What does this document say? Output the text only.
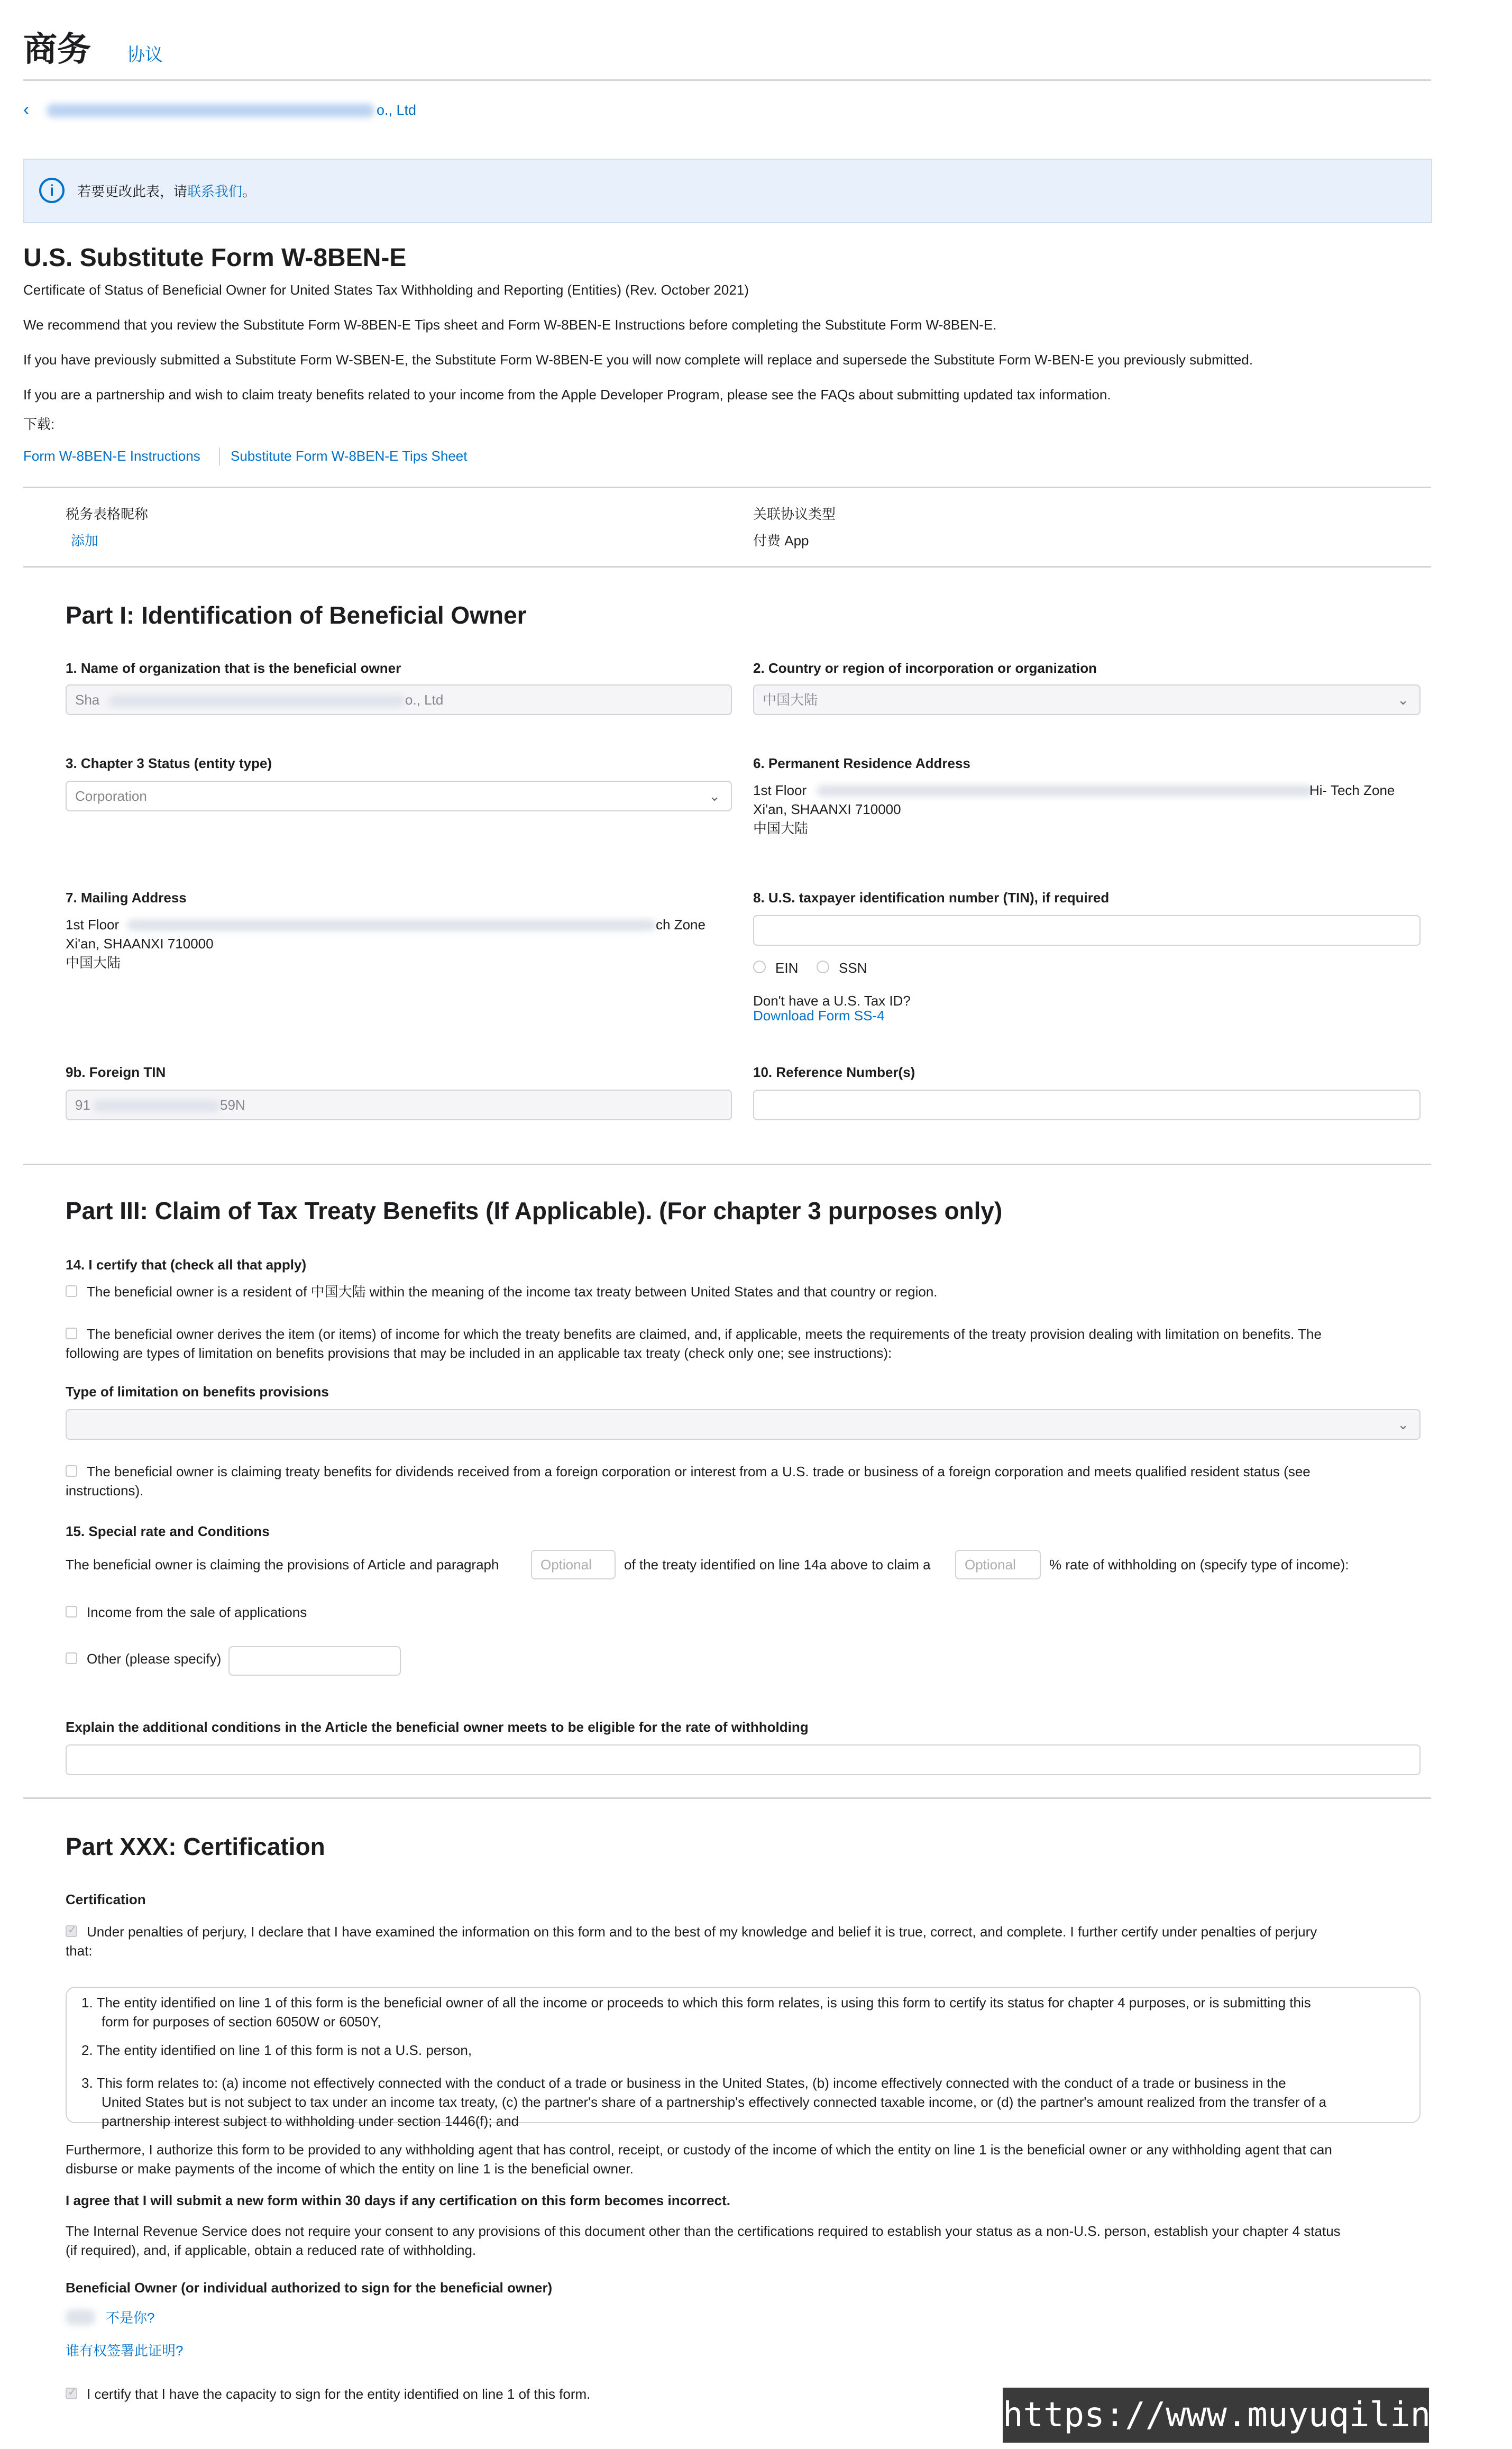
商务 协议
‹	o., Ltd
i	若要更改此表，请联系我们。
U.S. Substitute Form W-8BEN-E
Certificate of Status of Beneficial Owner for United States Tax Withholding and Reporting (Entities) (Rev. October 2021)
We recommend that you review the Substitute Form W-8BEN-E Tips sheet and Form W-8BEN-E Instructions before completing the Substitute Form W-8BEN-E.
If you have previously submitted a Substitute Form W-SBEN-E, the Substitute Form W-8BEN-E you will now complete will replace and supersede the Substitute Form W-BEN-E you previously submitted.
If you are a partnership and wish to claim treaty benefits related to your income from the Apple Developer Program, please see the FAQs about submitting updated tax information.
下载:
Form W-8BEN-E Instructions Substitute Form W-8BEN-E Tips Sheet
税务表格昵称
添加
关联协议类型
付费 App
Part I: Identification of Beneficial Owner
1. Name of organization that is the beneficial owner
Sha	o., Ltd
2. Country or region of incorporation or organization
中国大陆	⌄
3. Chapter 3 Status (entity type)
Corporation	⌄
6. Permanent Residence Address
1st Floor	Hi- Tech Zone
Xi'an, SHAANXI 710000
中国大陆
7. Mailing Address
1st Floor	ch Zone
Xi'an, SHAANXI 710000
中国大陆
8. U.S. taxpayer identification number (TIN), if required
EIN	SSN
Don't have a U.S. Tax ID?
Download Form SS-4
9b. Foreign TIN
91	59N
10. Reference Number(s)
Part III: Claim of Tax Treaty Benefits (If Applicable). (For chapter 3 purposes only)
14. I certify that (check all that apply)
The beneficial owner is a resident of 中国大陆 within the meaning of the income tax treaty between United States and that country or region.
The beneficial owner derives the item (or items) of income for which the treaty benefits are claimed, and, if applicable, meets the requirements of the treaty provision dealing with limitation on benefits. The
following are types of limitation on benefits provisions that may be included in an applicable tax treaty (check only one; see instructions):
Type of limitation on benefits provisions
⌄
The beneficial owner is claiming treaty benefits for dividends received from a foreign corporation or interest from a U.S. trade or business of a foreign corporation and meets qualified resident status (see
instructions).
15. Special rate and Conditions
The beneficial owner is claiming the provisions of Article and paragraph	Optional	of the treaty identified on line 14a above to claim a	Optional	% rate of withholding on (specify type of income):
Income from the sale of applications
Other (please specify)
Explain the additional conditions in the Article the beneficial owner meets to be eligible for the rate of withholding
Part XXX: Certification
Certification
✓
Under penalties of perjury, I declare that I have examined the information on this form and to the best of my knowledge and belief it is true, correct, and complete. I further certify under penalties of perjury
that:
1. The entity identified on line 1 of this form is the beneficial owner of all the income or proceeds to which this form relates, is using this form to certify its status for chapter 4 purposes, or is submitting this
form for purposes of section 6050W or 6050Y,
2. The entity identified on line 1 of this form is not a U.S. person,
3. This form relates to: (a) income not effectively connected with the conduct of a trade or business in the United States, (b) income effectively connected with the conduct of a trade or business in the
United States but is not subject to tax under an income tax treaty, (c) the partner's share of a partnership's effectively connected taxable income, or (d) the partner's amount realized from the transfer of a
partnership interest subject to withholding under section 1446(f); and
Furthermore, I authorize this form to be provided to any withholding agent that has control, receipt, or custody of the income of which the entity on line 1 is the beneficial owner or any withholding agent that can
disburse or make payments of the income of which the entity on line 1 is the beneficial owner.
I agree that I will submit a new form within 30 days if any certification on this form becomes incorrect.
The Internal Revenue Service does not require your consent to any provisions of this document other than the certifications required to establish your status as a non-U.S. person, establish your chapter 4 status
(if required), and, if applicable, obtain a reduced rate of withholding.
Beneficial Owner (or individual authorized to sign for the beneficial owner)
不是你?
谁有权签署此证明?
✓
I certify that I have the capacity to sign for the entity identified on line 1 of this form.
https://www.muyuqilin.com
